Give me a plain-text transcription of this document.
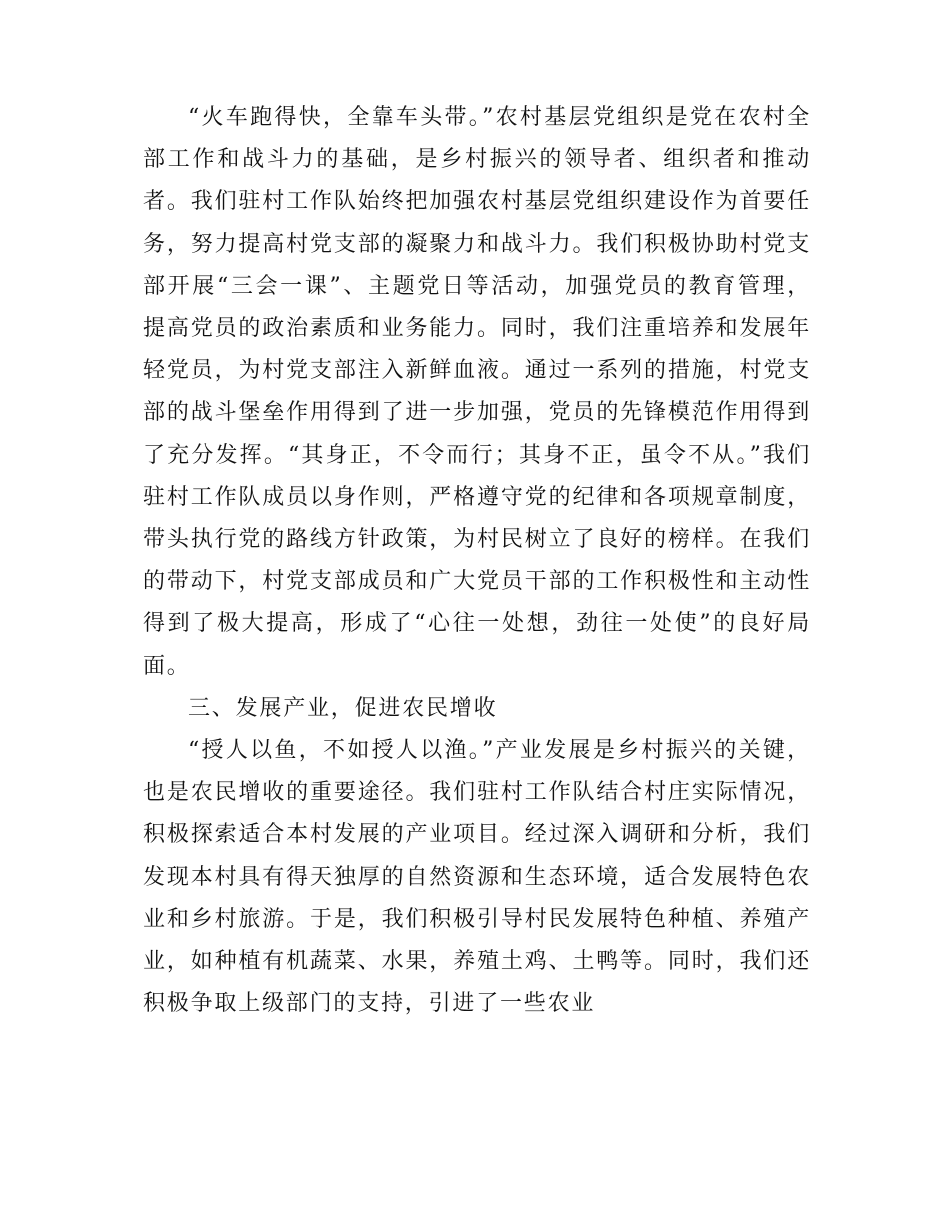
“火车跑得快，全靠车头带。”农村基层党组织是党在农村全部工作和战斗力的基础，是乡村振兴的领导者、组织者和推动者。我们驻村工作队始终把加强农村基层党组织建设作为首要任务，努力提高村党支部的凝聚力和战斗力。我们积极协助村党支部开展“三会一课”、主题党日等活动，加强党员的教育管理，提高党员的政治素质和业务能力。同时，我们注重培养和发展年轻党员，为村党支部注入新鲜血液。通过一系列的措施，村党支部的战斗堡垒作用得到了进一步加强，党员的先锋模范作用得到了充分发挥。“其身正，不令而行；其身不正，虽令不从。”我们驻村工作队成员以身作则，严格遵守党的纪律和各项规章制度，带头执行党的路线方针政策，为村民树立了良好的榜样。在我们的带动下，村党支部成员和广大党员干部的工作积极性和主动性得到了极大提高，形成了“心往一处想，劲往一处使”的良好局面。

三、发展产业，促进农民增收

“授人以鱼，不如授人以渔。”产业发展是乡村振兴的关键，也是农民增收的重要途径。我们驻村工作队结合村庄实际情况，积极探索适合本村发展的产业项目。经过深入调研和分析，我们发现本村具有得天独厚的自然资源和生态环境，适合发展特色农业和乡村旅游。于是，我们积极引导村民发展特色种植、养殖产业，如种植有机蔬菜、水果，养殖土鸡、土鸭等。同时，我们还积极争取上级部门的支持，引进了一些农业
